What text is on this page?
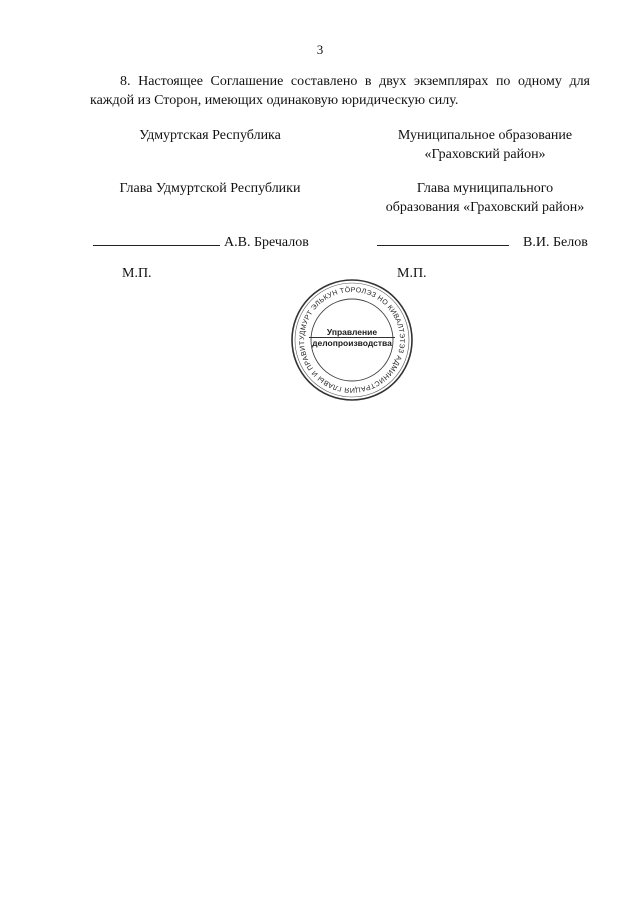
3

8. Настоящее Соглашение составлено в двух экземплярах по одному для каждой из Сторон, имеющих одинаковую юридическую силу.

Удмуртская Республика	Муниципальное образование
«Граховский район»
Глава Удмуртской Республики	Глава муниципального
образования «Граховский район»
А.В. Бречалов	В.И. Белов
М.П.	М.П.
УДМУРТ ЭЛЬКУН ТӦРОЛЭЗ НО КИВАЛТЭТЭЗ АДМИНИСТРАЦИЯ ГЛАВЫ И ПРАВИТ
Управление
делопроизводства
